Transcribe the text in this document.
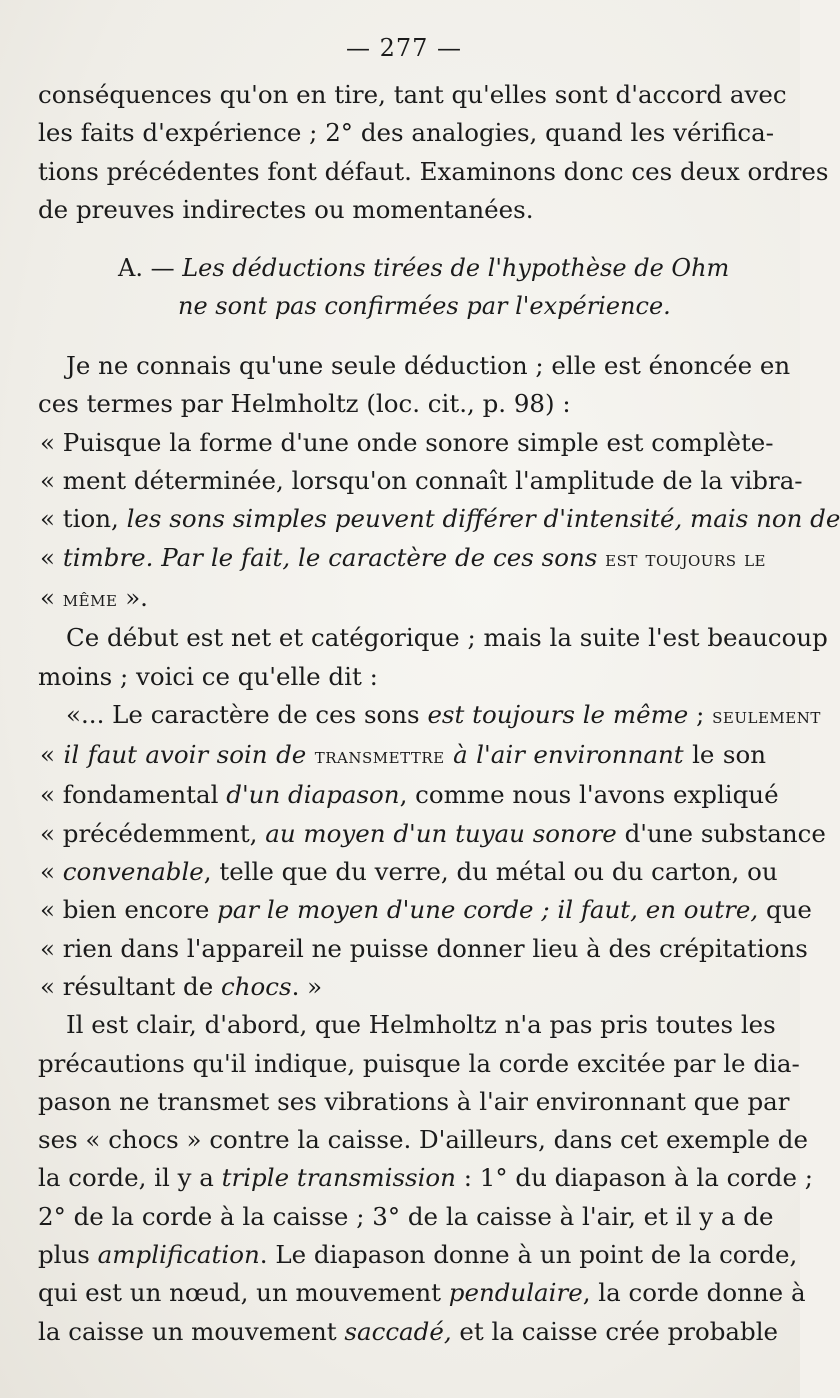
— 277 —
conséquences qu'on en tire, tant qu'elles sont d'accord avec
les faits d'expérience ; 2° des analogies, quand les vérifica-
tions précédentes font défaut. Examinons donc ces deux ordres
de preuves indirectes ou momentanées.
A. — Les déductions tirées de l'hypothèse de Ohm
ne sont pas confirmées par l'expérience.
Je ne connais qu'une seule déduction ; elle est énoncée en
ces termes par Helmholtz (loc. cit., p. 98) :
« Puisque la forme d'une onde sonore simple est complète-
« ment déterminée, lorsqu'on connaît l'amplitude de la vibra-
« tion, les sons simples peuvent différer d'intensité, mais non de
« timbre. Par le fait, le caractère de ces sons est toujours le
« même ».
Ce début est net et catégorique ; mais la suite l'est beaucoup
moins ; voici ce qu'elle dit :
«... Le caractère de ces sons est toujours le même ; seulement
« il faut avoir soin de transmettre à l'air environnant le son
« fondamental d'un diapason, comme nous l'avons expliqué
« précédemment, au moyen d'un tuyau sonore d'une substance
« convenable, telle que du verre, du métal ou du carton, ou
« bien encore par le moyen d'une corde ; il faut, en outre, que
« rien dans l'appareil ne puisse donner lieu à des crépitations
« résultant de chocs. »
Il est clair, d'abord, que Helmholtz n'a pas pris toutes les
précautions qu'il indique, puisque la corde excitée par le dia-
pason ne transmet ses vibrations à l'air environnant que par
ses « chocs » contre la caisse. D'ailleurs, dans cet exemple de
la corde, il y a triple transmission : 1° du diapason à la corde ;
2° de la corde à la caisse ; 3° de la caisse à l'air, et il y a de
plus amplification. Le diapason donne à un point de la corde,
qui est un nœud, un mouvement pendulaire, la corde donne à
la caisse un mouvement saccadé, et la caisse crée probable
